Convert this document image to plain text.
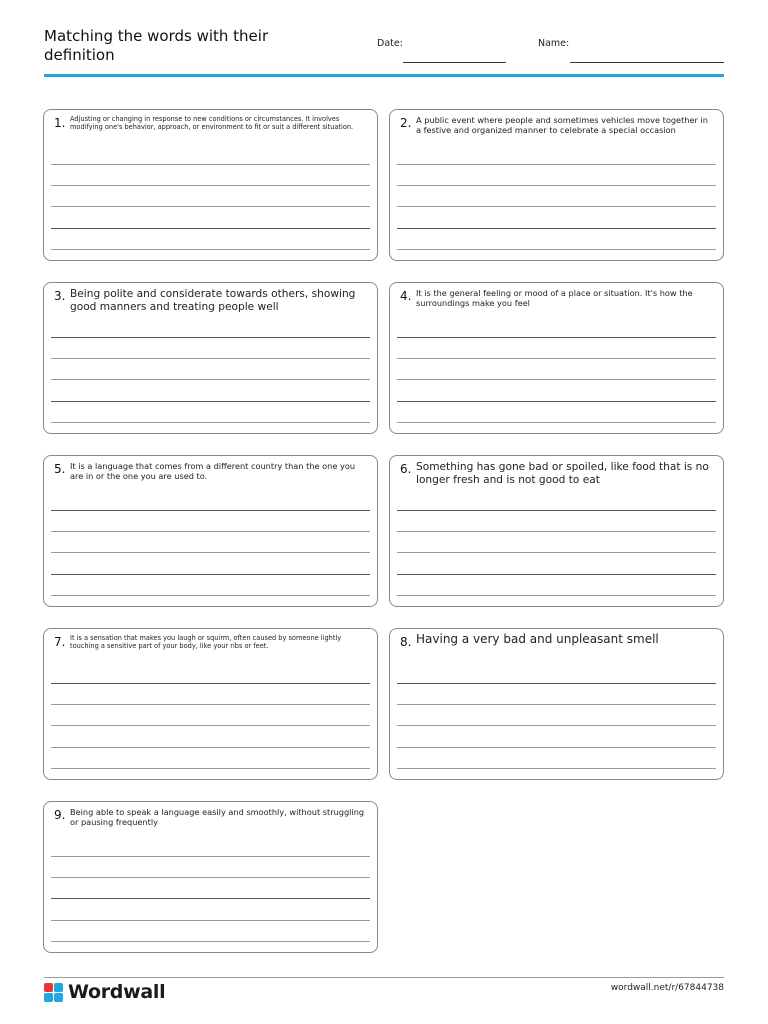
Matching the words with their definition
Date:	Name:
1. Adjusting or changing in response to new conditions or circumstances. It involves modifying one's behavior, approach, or environment to fit or suit a different situation.	2. A public event where people and sometimes vehicles move together in a festive and organized manner to celebrate a special occasion
3. Being polite and considerate towards others, showing good manners and treating people well
4. It is the general feeling or mood of a place or situation. It's how the surroundings make you feel
5. It is a language that comes from a different country than the one you are in or the one you are used to.	6. Something has gone bad or spoiled, like food that is no longer fresh and is not good to eat
7. It is a sensation that makes you laugh or squirm, often caused by someone lightly touching a sensitive part of your body, like your ribs or feet.	8. Having a very bad and unpleasant smell
9. Being able to speak a language easily and smoothly, without struggling or pausing frequently
Wordwall	wordwall.net/r/67844738
